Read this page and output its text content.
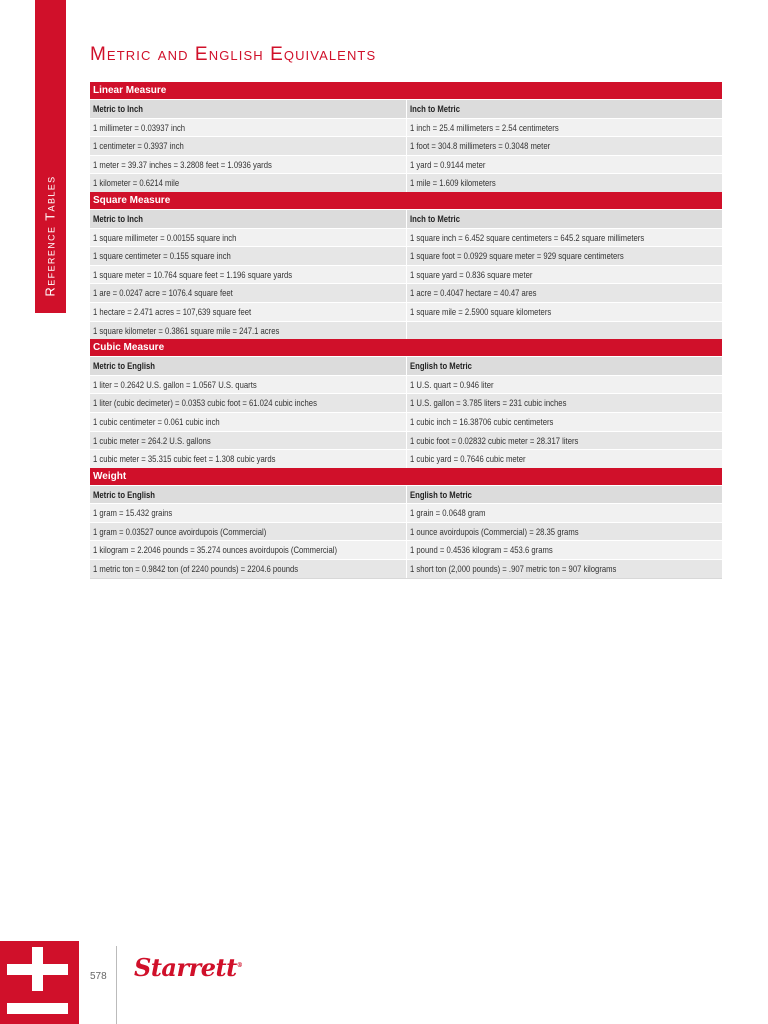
Reference Tables
Metric and English Equivalents
Linear Measure
Metric to Inch	Inch to Metric
1 millimeter = 0.03937 inch	1 inch = 25.4 millimeters = 2.54 centimeters
1 centimeter = 0.3937 inch	1 foot = 304.8 millimeters = 0.3048 meter
1 meter = 39.37 inches = 3.2808 feet = 1.0936 yards	1 yard = 0.9144 meter
1 kilometer = 0.6214 mile	1 mile = 1.609 kilometers
Square Measure
Metric to Inch	Inch to Metric
1 square millimeter = 0.00155 square inch	1 square inch = 6.452 square centimeters = 645.2 square millimeters
1 square centimeter = 0.155 square inch	1 square foot = 0.0929 square meter = 929 square centimeters
1 square meter = 10.764 square feet = 1.196 square yards	1 square yard = 0.836 square meter
1 are = 0.0247 acre = 1076.4 square feet	1 acre = 0.4047 hectare = 40.47 ares
1 hectare = 2.471 acres = 107,639 square feet	1 square mile = 2.5900 square kilometers
1 square kilometer = 0.3861 square mile = 247.1 acres
Cubic Measure
Metric to English	English to Metric
1 liter = 0.2642 U.S. gallon = 1.0567 U.S. quarts	1 U.S. quart = 0.946 liter
1 liter (cubic decimeter) = 0.0353 cubic foot = 61.024 cubic inches	1 U.S. gallon = 3.785 liters = 231 cubic inches
1 cubic centimeter = 0.061 cubic inch	1 cubic inch = 16.38706 cubic centimeters
1 cubic meter = 264.2 U.S. gallons	1 cubic foot = 0.02832 cubic meter = 28.317 liters
1 cubic meter = 35.315 cubic feet = 1.308 cubic yards	1 cubic yard = 0.7646 cubic meter
Weight
Metric to English	English to Metric
1 gram = 15.432 grains	1 grain = 0.0648 gram
1 gram = 0.03527 ounce avoirdupois (Commercial)	1 ounce avoirdupois (Commercial) = 28.35 grams
1 kilogram = 2.2046 pounds = 35.274 ounces avoirdupois (Commercial)	1 pound = 0.4536 kilogram = 453.6 grams
1 metric ton = 0.9842 ton (of 2240 pounds) = 2204.6 pounds	1 short ton (2,000 pounds) = .907 metric ton = 907 kilograms
578 Starrett®
